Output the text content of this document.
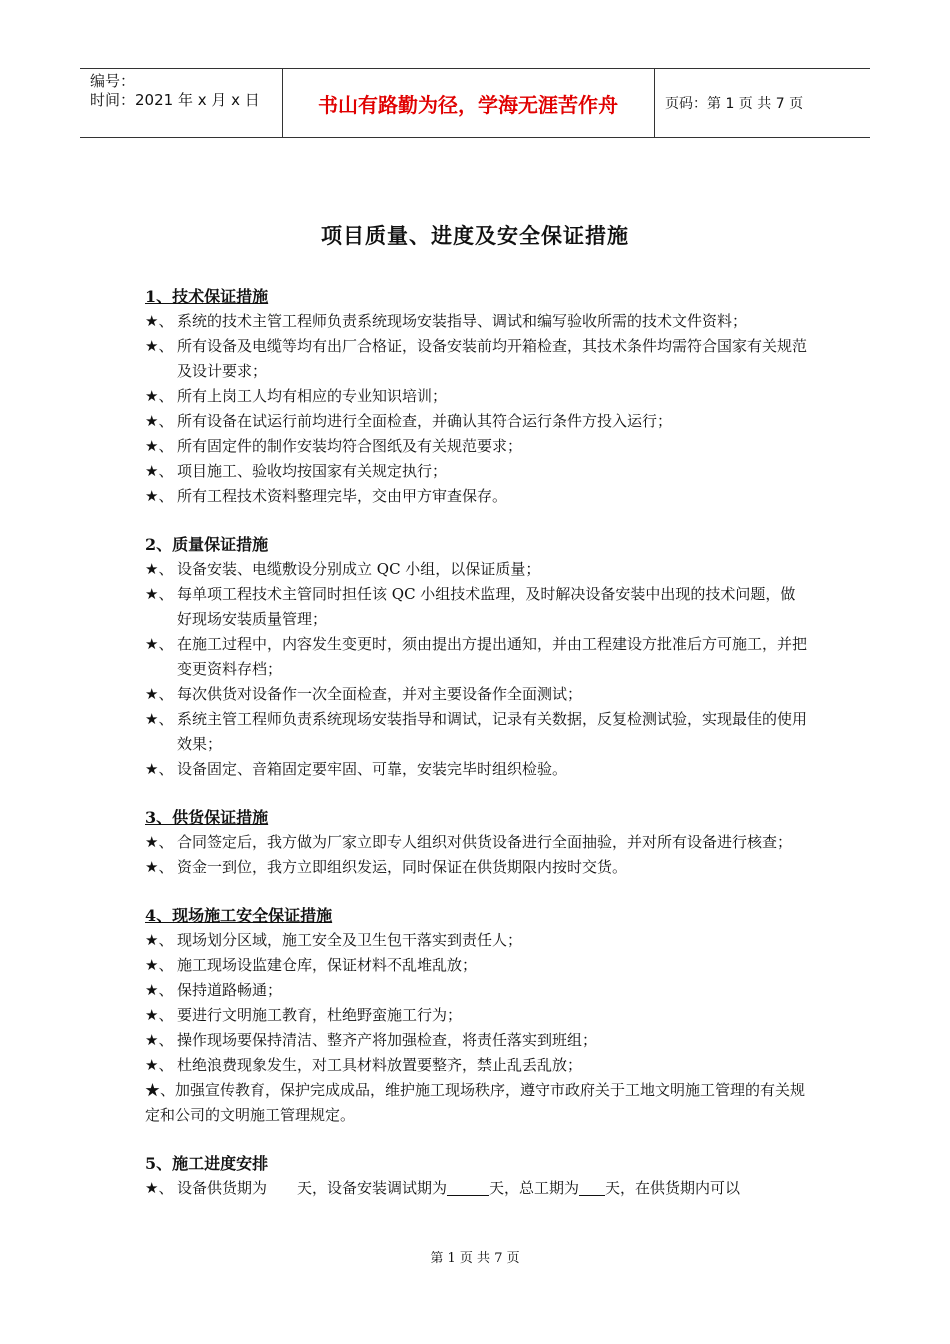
编号：
时间：2021 年 x 月 x 日	书山有路勤为径，学海无涯苦作舟	页码：第 1 页 共 7 页
项目质量、进度及安全保证措施
1、技术保证措施
★、 系统的技术主管工程师负责系统现场安装指导、调试和编写验收所需的技术文件资料；
★、 所有设备及电缆等均有出厂合格证，设备安装前均开箱检查，其技术条件均需符合国家有关规范及设计要求；
★、 所有上岗工人均有相应的专业知识培训；
★、 所有设备在试运行前均进行全面检查，并确认其符合运行条件方投入运行；
★、 所有固定件的制作安装均符合图纸及有关规范要求；
★、 项目施工、验收均按国家有关规定执行；
★、 所有工程技术资料整理完毕，交由甲方审查保存。
2、质量保证措施
★、 设备安装、电缆敷设分别成立 QC 小组，以保证质量；
★、 每单项工程技术主管同时担任该 QC 小组技术监理，及时解决设备安装中出现的技术问题，做好现场安装质量管理；
★、 在施工过程中，内容发生变更时，须由提出方提出通知，并由工程建设方批准后方可施工，并把　变更资料存档；
★、 每次供货对设备作一次全面检查，并对主要设备作全面测试；
★、 系统主管工程师负责系统现场安装指导和调试，记录有关数据，反复检测试验，实现最佳的使用效果；
★、 设备固定、音箱固定要牢固、可靠，安装完毕时组织检验。
3、供货保证措施
★、 合同签定后，我方做为厂家立即专人组织对供货设备进行全面抽验，并对所有设备进行核查；
★、 资金一到位，我方立即组织发运，同时保证在供货期限内按时交货。
4、现场施工安全保证措施
★、 现场划分区域，施工安全及卫生包干落实到责任人；
★、 施工现场设监建仓库，保证材料不乱堆乱放；
★、 保持道路畅通；
★、 要进行文明施工教育，杜绝野蛮施工行为；
★、 操作现场要保持清洁、整齐产将加强检查，将责任落实到班组；
★、 杜绝浪费现象发生，对工具材料放置要整齐，禁止乱丢乱放；
★、加强宣传教育，保护完成成品，维护施工现场秩序，遵守市政府关于工地文明施工管理的有关规定和公司的文明施工管理规定。
5、施工进度安排
★、 设备供货期为 天，设备安装调试期为	天，总工期为 天，在供货期内可以
第 1 页 共 7 页
